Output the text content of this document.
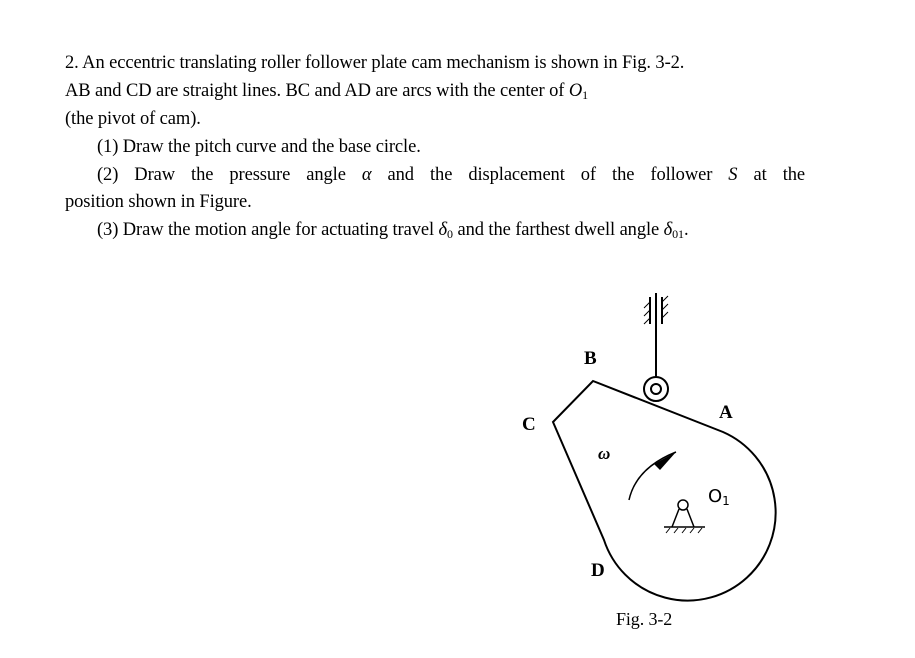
2. An eccentric translating roller follower plate cam mechanism is shown in Fig. 3-2.
AB and CD are straight lines. BC and AD are arcs with the center of $O_1$
(the pivot of cam).
(1) Draw the pitch curve and the base circle.
(2) Draw the pressure angle α and the displacement of the follower S at the
position shown in Figure.
(3) Draw the motion angle for actuating travel $\delta_0$ and the farthest dwell angle $\delta_{01}$.
B
A
C
D
$O_1$
ω
Fig. 3-2
